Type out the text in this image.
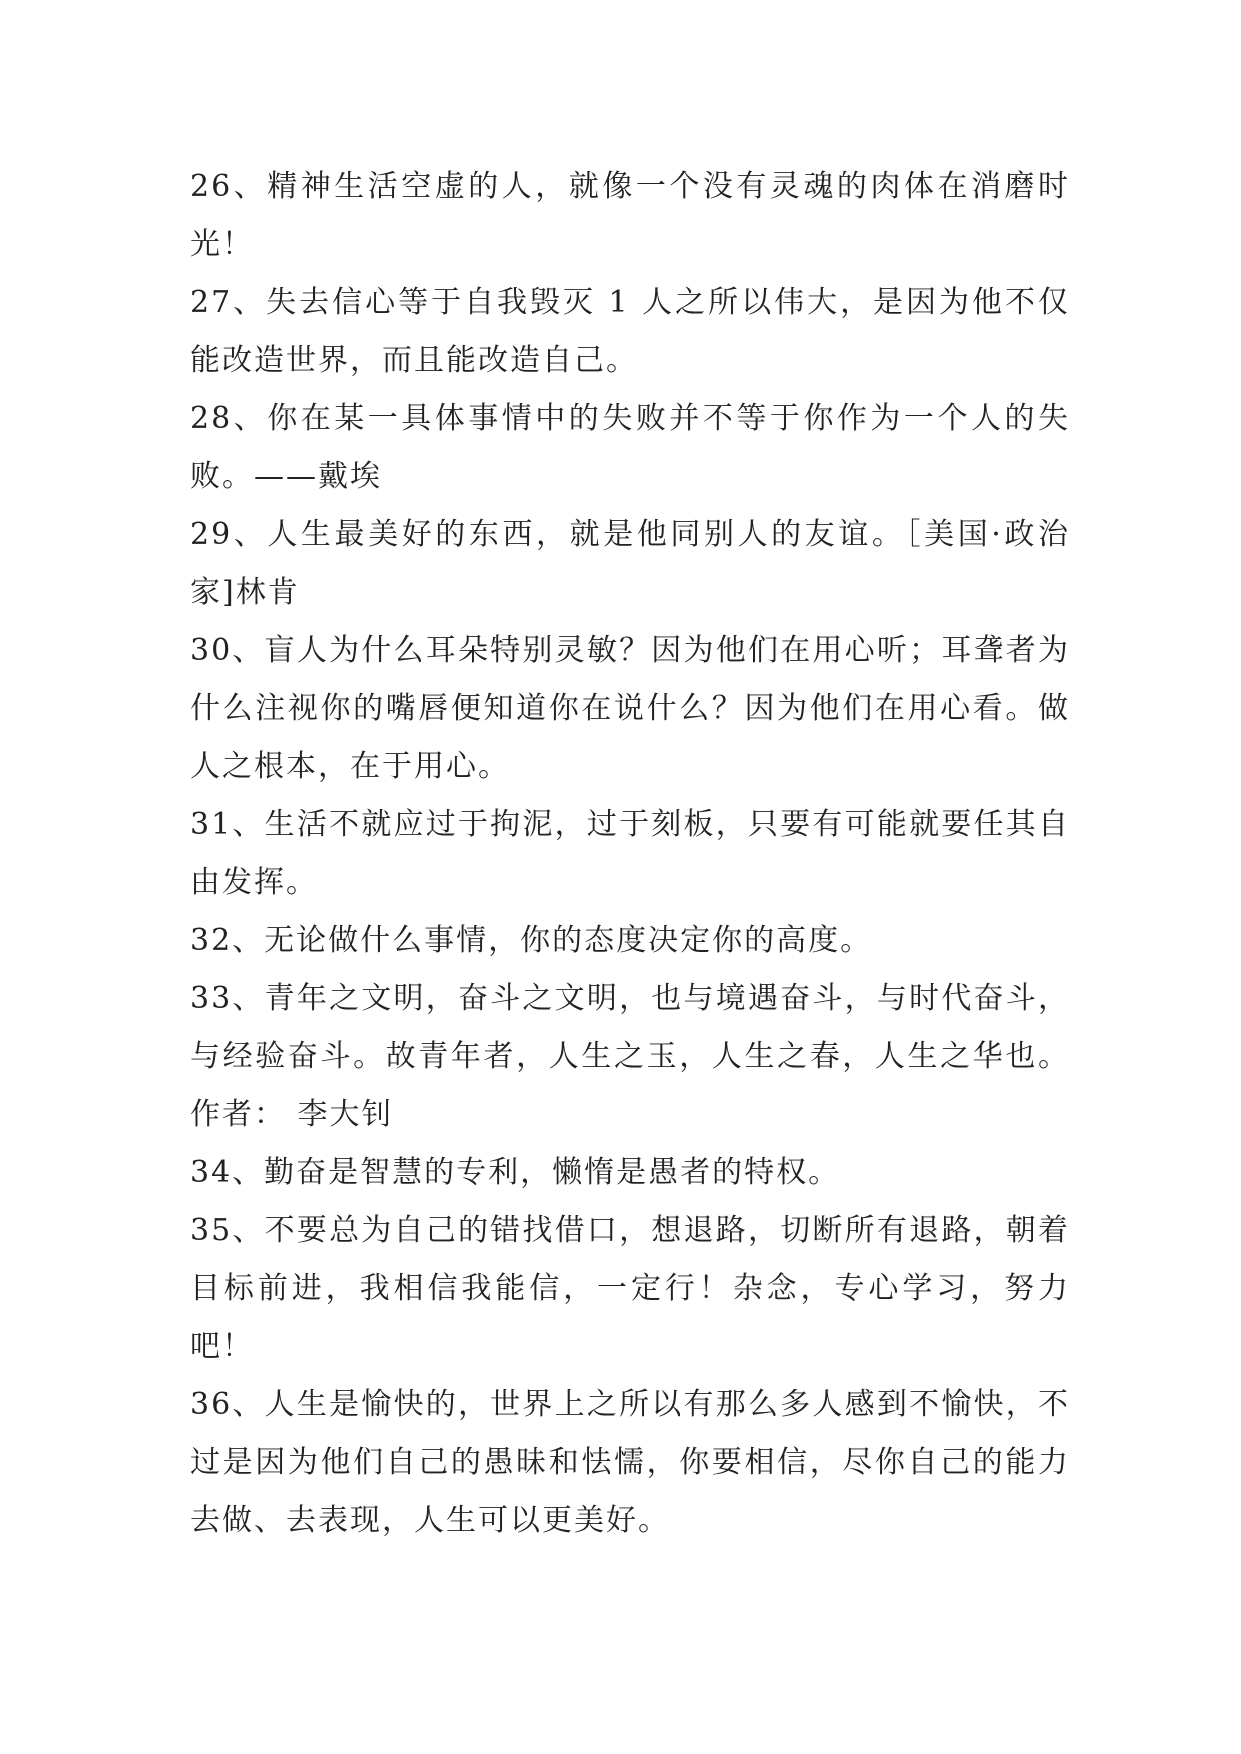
26、精神生活空虚的人，就像一个没有灵魂的肉体在消磨时光！

27、失去信心等于自我毁灭 1 人之所以伟大，是因为他不仅能改造世界，而且能改造自己。

28、你在某一具体事情中的失败并不等于你作为一个人的失败。——戴埃

29、人生最美好的东西，就是他同别人的友谊。［美国·政治家]林肯

30、盲人为什么耳朵特别灵敏？因为他们在用心听；耳聋者为什么注视你的嘴唇便知道你在说什么？因为他们在用心看。做人之根本，在于用心。

31、生活不就应过于拘泥，过于刻板，只要有可能就要任其自由发挥。

32、无论做什么事情，你的态度决定你的高度。

33、青年之文明，奋斗之文明，也与境遇奋斗，与时代奋斗，与经验奋斗。故青年者，人生之玉，人生之春，人生之华也。作者： 李大钊

34、勤奋是智慧的专利，懒惰是愚者的特权。

35、不要总为自己的错找借口，想退路，切断所有退路，朝着目标前进，我相信我能信，一定行！杂念，专心学习，努力吧！

36、人生是愉快的，世界上之所以有那么多人感到不愉快，不过是因为他们自己的愚昧和怯懦，你要相信，尽你自己的能力去做、去表现，人生可以更美好。
